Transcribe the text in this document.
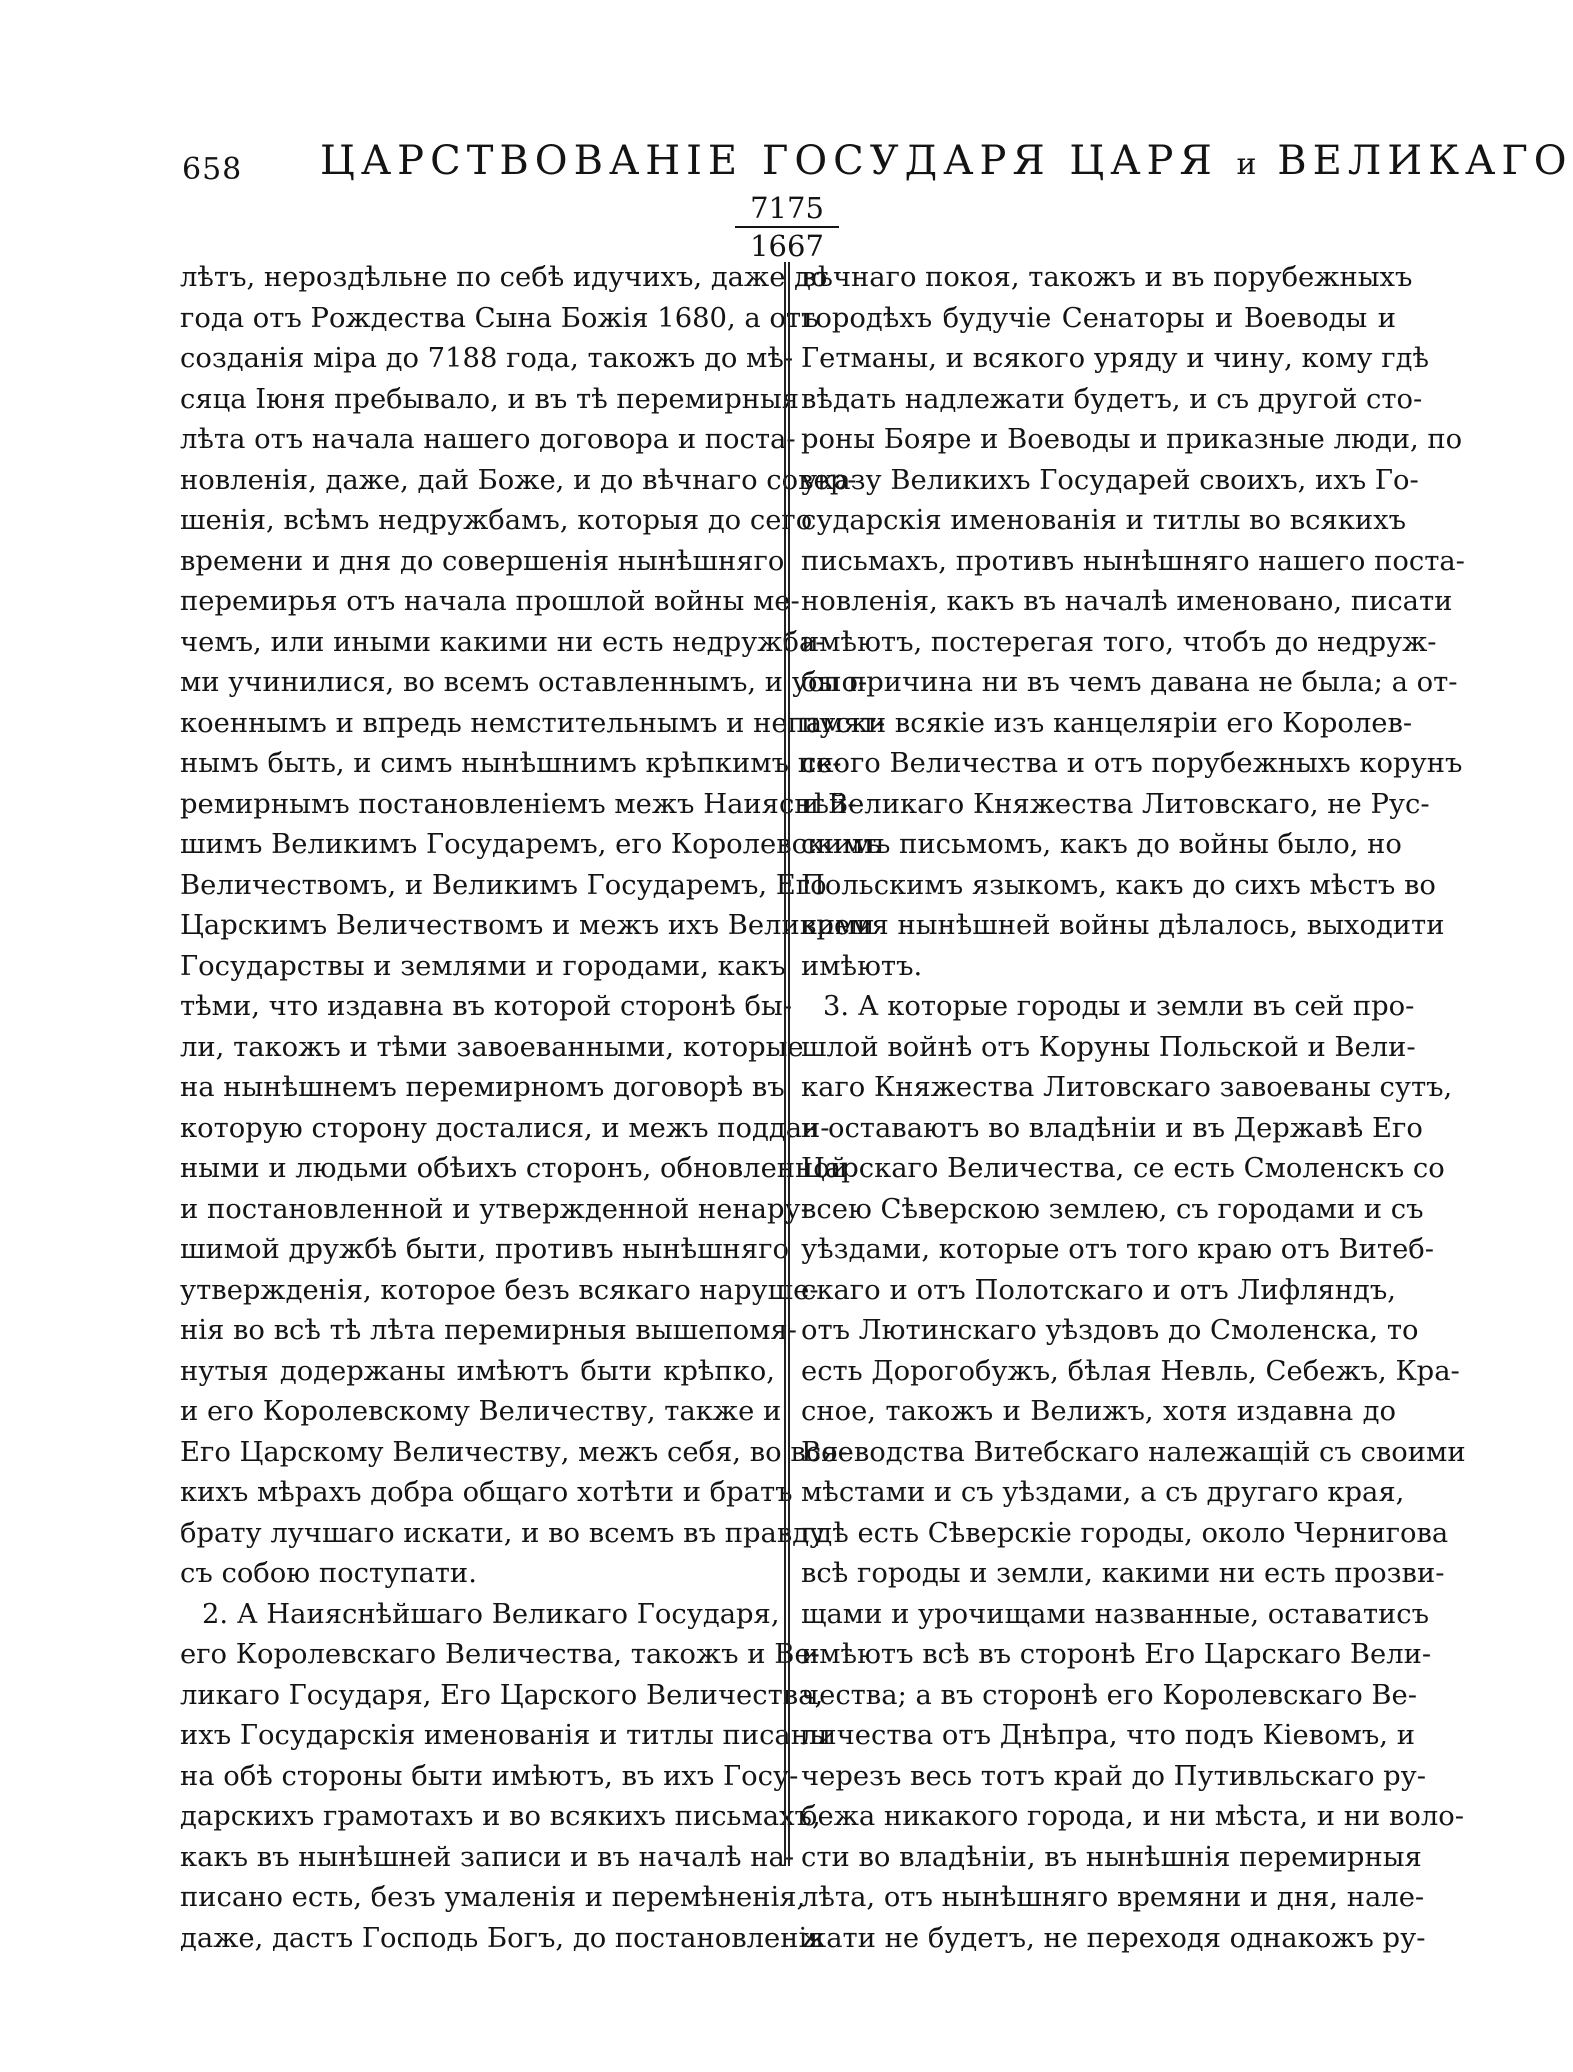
658 ЦАРСТВОВАНІЕ ГОСУДАРЯ ЦАРЯ и ВЕЛИКАГО
7175
1667
лѣтъ, нероздѣльне по себѣ идучихъ, даже до
года отъ Рождества Сына Божія 1680, а отъ
созданія міра до 7188 года, такожъ до мѣ-
сяца Іюня пребывало, и въ тѣ перемирныя
лѣта отъ начала нашего договора и поста-
новленія, даже, дай Боже, и до вѣчнаго совер-
шенія, всѣмъ недружбамъ, которыя до сего
времени и дня до совершенія нынѣшняго
перемирья отъ начала прошлой войны ме-
чемъ, или иными какими ни есть недружба-
ми учинилися, во всемъ оставленнымъ, и успо-
коеннымъ и впредь немстительнымъ и непамят-
нымъ быть, и симъ нынѣшнимъ крѣпкимъ пе-
ремирнымъ постановленіемъ межъ Наияснѣй-
шимъ Великимъ Государемъ, его Королевскимъ
Величествомъ, и Великимъ Государемъ, Его
Царскимъ Величествомъ и межъ ихъ Великими
Государствы и землями и городами, какъ
тѣми, что издавна въ которой сторонѣ бы-
ли, такожъ и тѣми завоеванными, которые
на нынѣшнемъ перемирномъ договорѣ въ
которую сторону досталися, и межъ поддан-
ными и людьми обѣихъ сторонъ, обновленной
и постановленной и утвержденной ненару-
шимой дружбѣ быти, противъ нынѣшняго
утвержденія, которое безъ всякаго наруше-
нія во всѣ тѣ лѣта перемирныя вышепомя-
нутыя додержаны имѣютъ быти крѣпко,
и его Королевскому Величеству, также и
Его Царскому Величеству, межъ себя, во вся-
кихъ мѣрахъ добра общаго хотѣти и братъ
брату лучшаго искати, и во всемъ въ правду
съ собою поступати.
2. А Наияснѣйшаго Великаго Государя,
его Королевскаго Величества, такожъ и Ве-
ликаго Государя, Его Царского Величества,
ихъ Государскія именованія и титлы писаны
на обѣ стороны быти имѣютъ, въ ихъ Госу-
дарскихъ грамотахъ и во всякихъ письмахъ,
какъ въ нынѣшней записи и въ началѣ на-
писано есть, безъ умаленія и перемѣненія,
даже, дастъ Господь Богъ, до постановленія
вѣчнаго покоя, такожъ и въ порубежныхъ
городѣхъ будучіе Сенаторы и Воеводы и
Гетманы, и всякого уряду и чину, кому гдѣ
вѣдать надлежати будетъ, и съ другой сто-
роны Бояре и Воеводы и приказные люди, по
указу Великихъ Государей своихъ, ихъ Го-
сударскія именованія и титлы во всякихъ
письмахъ, противъ нынѣшняго нашего поста-
новленія, какъ въ началѣ именовано, писати
имѣютъ, постерегая того, чтобъ до недруж-
бы причина ни въ чемъ давана не была; а от-
пуски всякіе изъ канцеляріи его Королев-
ского Величества и отъ порубежныхъ корунъ
и Великаго Княжества Литовскаго, не Рус-
скимъ письмомъ, какъ до войны было, но
Польскимъ языкомъ, какъ до сихъ мѣстъ во
время нынѣшней войны дѣлалось, выходити
имѣютъ.
3. А которые городы и земли въ сей про-
шлой войнѣ отъ Коруны Польской и Вели-
каго Княжества Литовскаго завоеваны сутъ,
и оставаютъ во владѣніи и въ Державѣ Его
Царскаго Величества, се есть Смоленскъ со
всею Сѣверскою землею, съ городами и съ
уѣздами, которые отъ того краю отъ Витеб-
скаго и отъ Полотскаго и отъ Лифляндъ,
отъ Лютинскаго уѣздовъ до Смоленска, то
есть Дорогобужъ, бѣлая Невль, Себежъ, Кра-
сное, такожъ и Велижъ, хотя издавна до
Воеводства Витебскаго належащій съ своими
мѣстами и съ уѣздами, а съ другагo края,
гдѣ есть Сѣверскіе городы, около Чернигова
всѣ городы и земли, какими ни есть прозви-
щами и урочищами названные, оставатисъ
имѣютъ всѣ въ сторонѣ Его Царскаго Вели-
чества; а въ сторонѣ его Королевскаго Ве-
личества отъ Днѣпра, что подъ Кіевомъ, и
черезъ весь тотъ край до Путивльскаго ру-
бежа никакого города, и ни мѣста, и ни воло-
сти во владѣніи, въ нынѣшнія перемирныя
лѣта, отъ нынѣшняго времяни и дня, нале-
жати не будетъ, не переходя однакожъ ру-
